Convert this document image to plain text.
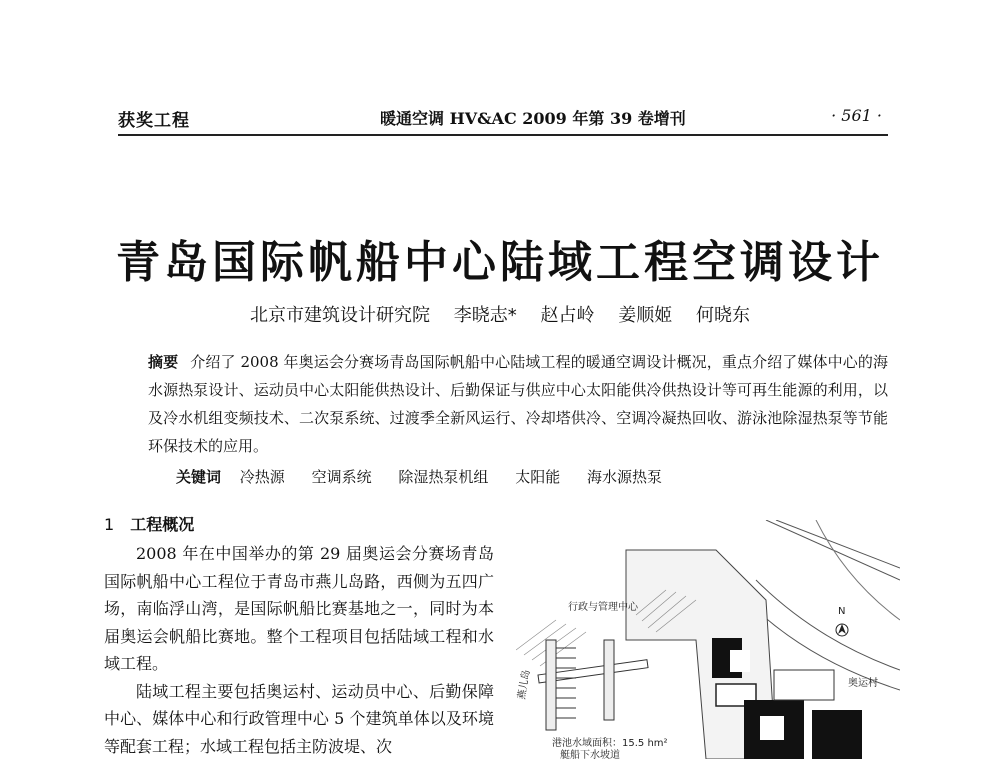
获奖工程	暖通空调 HV&AC 2009 年第 39 卷增刊	· 561 ·
青岛国际帆船中心陆域工程空调设计
北京市建筑设计研究院 李晓志* 赵占岭 姜顺姬 何晓东
摘要 介绍了 2008 年奥运会分赛场青岛国际帆船中心陆域工程的暖通空调设计概况，重点介绍了媒体中心的海水源热泵设计、运动员中心太阳能供热设计、后勤保证与供应中心太阳能供冷供热设计等可再生能源的利用，以及冷水机组变频技术、二次泵系统、过渡季全新风运行、冷却塔供冷、空调冷凝热回收、游泳池除湿热泵等节能环保技术的应用。
关键词 冷热源 空调系统 除湿热泵机组 太阳能 海水源热泵
1 工程概况

2008 年在中国举办的第 29 届奥运会分赛场青岛国际帆船中心工程位于青岛市燕儿岛路，西侧为五四广场，南临浮山湾，是国际帆船比赛基地之一，同时为本届奥运会帆船比赛地。整个工程项目包括陆域工程和水域工程。

陆域工程主要包括奥运村、运动员中心、后勤保障中心、媒体中心和行政管理中心 5 个建筑单体以及环境等配套工程；水域工程包括主防波堤、次

行政与管理中心	N
奥运村
港池水域面积：15.5 hm²
艇船下水坡道
燕儿岛
